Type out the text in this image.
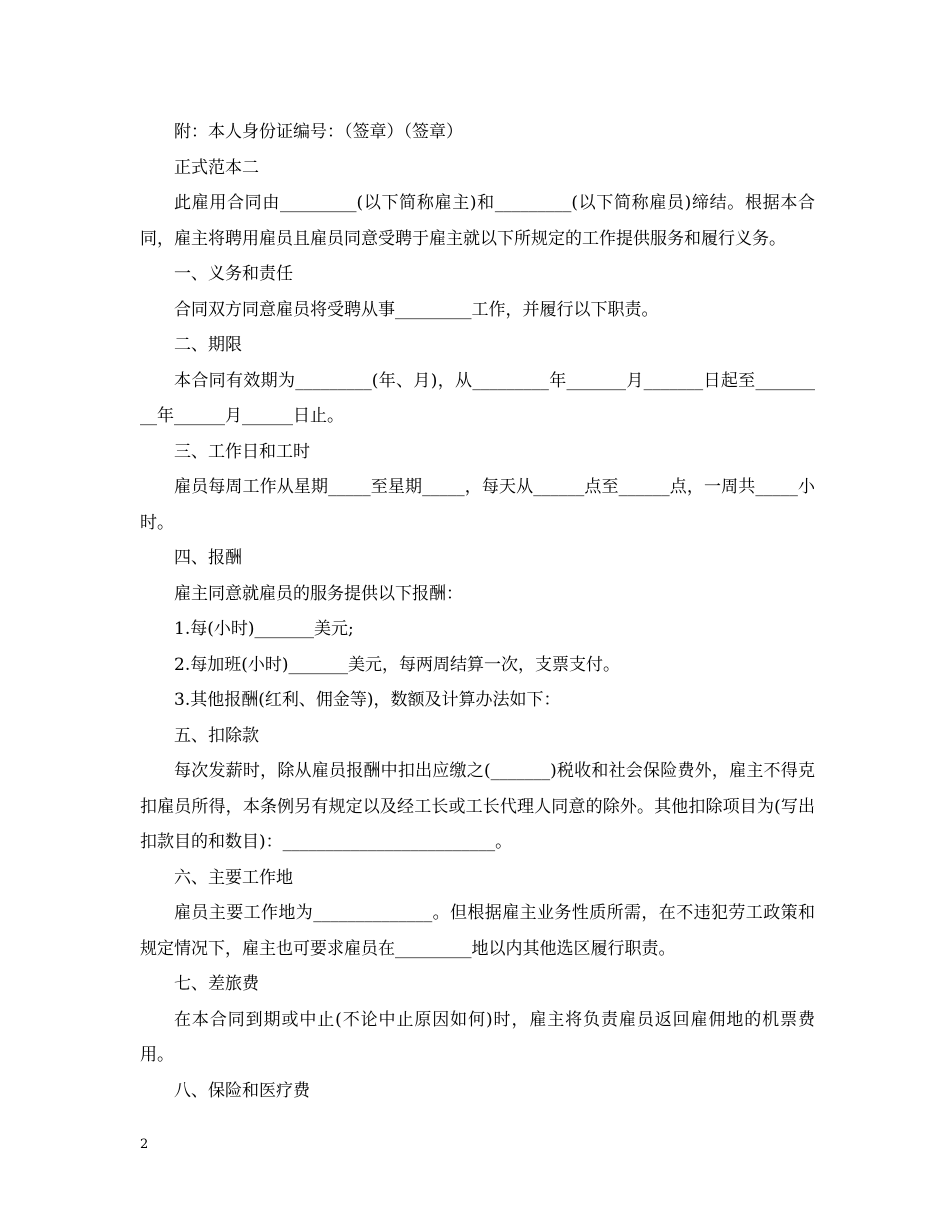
附：本人身份证编号：（签章）（签章）

正式范本二

此雇用合同由_________(以下简称雇主)和_________(以下简称雇员)缔结。根据本合同，雇主将聘用雇员且雇员同意受聘于雇主就以下所规定的工作提供服务和履行义务。

一、义务和责任

合同双方同意雇员将受聘从事_________工作，并履行以下职责。

二、期限

本合同有效期为_________(年、月)，从_________年_______月_______日起至_________年______月______日止。

三、工作日和工时

雇员每周工作从星期_____至星期_____，每天从______点至______点，一周共_____小时。

四、报酬

雇主同意就雇员的服务提供以下报酬：

1.每(小时)_______美元;

2.每加班(小时)_______美元，每两周结算一次，支票支付。

3.其他报酬(红利、佣金等)，数额及计算办法如下：

五、扣除款

每次发薪时，除从雇员报酬中扣出应缴之(_______)税收和社会保险费外，雇主不得克扣雇员所得，本条例另有规定以及经工长或工长代理人同意的除外。其他扣除项目为(写出扣款目的和数目)：_________________________。

六、主要工作地

雇员主要工作地为______________。但根据雇主业务性质所需，在不违犯劳工政策和规定情况下，雇主也可要求雇员在_________地以内其他选区履行职责。

七、差旅费

在本合同到期或中止(不论中止原因如何)时，雇主将负责雇员返回雇佣地的机票费用。

八、保险和医疗费

2
